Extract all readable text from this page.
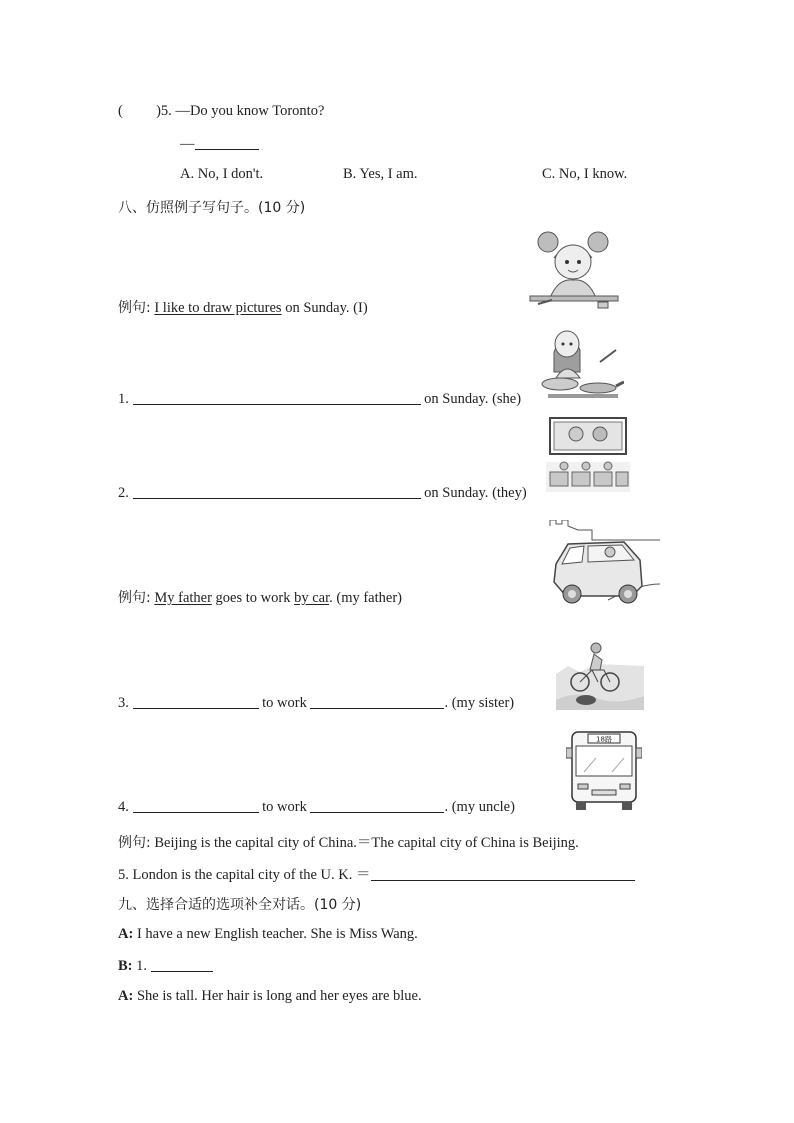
( )5. —Do you know Toronto?
—
A. No, I don't.	B. Yes, I am.	C. No, I know.
八、仿照例子写句子。(10 分)
例句: I like to draw pictures on Sunday. (I)
1.	on Sunday. (she)
2.	on Sunday. (they)
例句: My father goes to work by car. (my father)
3.	to work	. (my sister)
18路
4.	to work	. (my uncle)
例句: Beijing is the capital city of China.＝The capital city of China is Beijing.
5. London is the capital city of the U. K. ＝
九、选择合适的选项补全对话。(10 分)
A: I have a new English teacher. She is Miss Wang.
B: 1.
A: She is tall. Her hair is long and her eyes are blue.
